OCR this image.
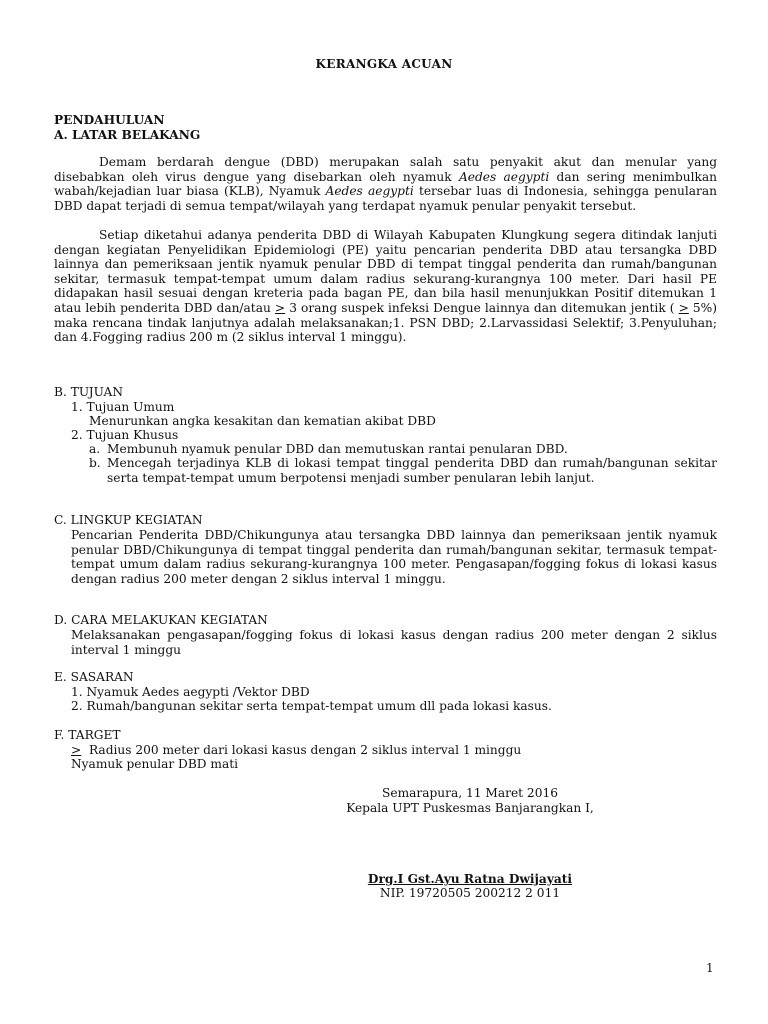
KERANGKA ACUAN
PENDAHULUAN
A. LATAR BELAKANG
Demam berdarah dengue (DBD) merupakan salah satu penyakit akut dan menular yang disebabkan oleh virus dengue yang disebarkan oleh nyamuk Aedes aegypti dan sering menimbulkan wabah/kejadian luar biasa (KLB), Nyamuk Aedes aegypti tersebar luas di Indonesia, sehingga penularan DBD dapat terjadi di semua tempat/wilayah yang terdapat nyamuk penular penyakit tersebut.
Setiap diketahui adanya penderita DBD di Wilayah Kabupaten Klungkung segera ditindak lanjuti dengan kegiatan Penyelidikan Epidemiologi (PE) yaitu pencarian penderita DBD atau tersangka DBD lainnya dan pemeriksaan jentik nyamuk penular DBD di tempat tinggal penderita dan rumah/bangunan sekitar, termasuk tempat-tempat umum dalam radius sekurang-kurangnya 100 meter. Dari hasil PE didapakan hasil sesuai dengan kreteria pada bagan PE, dan bila hasil menunjukkan Positif ditemukan 1 atau lebih penderita DBD dan/atau ≥ 3 orang suspek infeksi Dengue lainnya dan ditemukan jentik ( ≥ 5%) maka rencana tindak lanjutnya adalah melaksanakan;1. PSN DBD; 2.Larvassidasi Selektif; 3.Penyuluhan; dan 4.Fogging radius 200 m (2 siklus interval 1 minggu).
B. TUJUAN
1. Tujuan Umum
Menurunkan angka kesakitan dan kematian akibat DBD
2. Tujuan Khusus
a. Membunuh nyamuk penular DBD dan memutuskan rantai penularan DBD.
b. Mencegah terjadinya KLB di lokasi tempat tinggal penderita DBD dan rumah/bangunan sekitar serta tempat-tempat umum berpotensi menjadi sumber penularan lebih lanjut.
C. LINGKUP KEGIATAN
Pencarian Penderita DBD/Chikungunya atau tersangka DBD lainnya dan pemeriksaan jentik nyamuk penular DBD/Chikungunya di tempat tinggal penderita dan rumah/bangunan sekitar, termasuk tempat-tempat umum dalam radius sekurang-kurangnya 100 meter. Pengasapan/fogging fokus di lokasi kasus dengan radius 200 meter dengan 2 siklus interval 1 minggu.
D. CARA MELAKUKAN KEGIATAN
Melaksanakan pengasapan/fogging fokus di lokasi kasus dengan radius 200 meter dengan 2 siklus interval 1 minggu
E. SASARAN
1. Nyamuk Aedes aegypti /Vektor DBD
2. Rumah/bangunan sekitar serta tempat-tempat umum dll pada lokasi kasus.
F. TARGET
>  Radius 200 meter dari lokasi kasus dengan 2 siklus interval 1 minggu
Nyamuk penular DBD mati
Semarapura, 11 Maret 2016
Kepala UPT Puskesmas Banjarangkan I,
Drg.I Gst.Ayu Ratna Dwijayati
NIP. 19720505 200212 2 011
1
